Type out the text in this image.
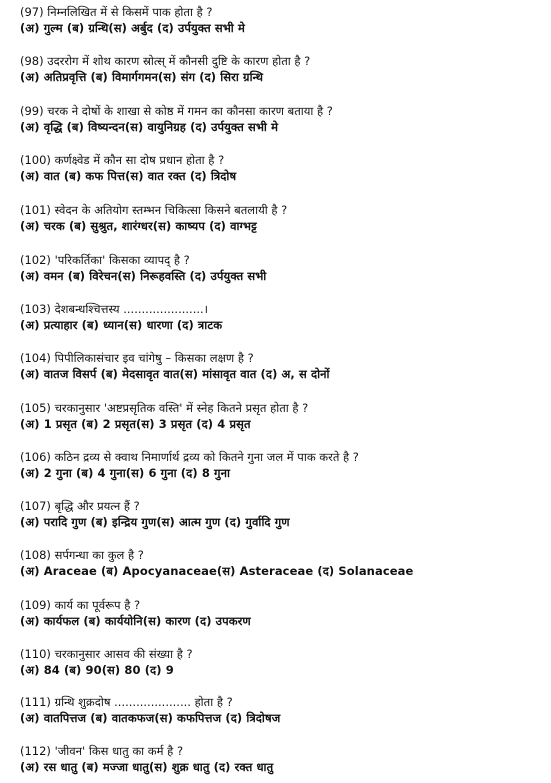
(97) निम्नलिखित में से किसमें पाक होता है ?
(अ) गुल्म (ब) ग्रन्थि(स) अर्बुद (द) उर्पयुक्त सभी मे
(98) उदररोग में शोथ कारण स्रोत्स् में कौनसी दुष्टि के कारण होता है ?
(अ) अतिप्रवृत्ति (ब) विमार्गगमन(स) संग (द) सिरा ग्रन्थि
(99) चरक ने दोषों के शाखा से कोष्ठ में गमन का कौनसा कारण बताया है ?
(अ) वृद्धि (ब) विष्यन्दन(स) वायुनिग्रह (द) उर्पयुक्त सभी मे
(100) कर्णक्ष्वेड में कौन सा दोष प्रधान होता है ?
(अ) वात (ब) कफ पित्त(स) वात रक्त (द) त्रिदोष
(101) स्वेदन के अतियोग स्तम्भन चिकित्सा किसने बतलायी है ?
(अ) चरक (ब) सुश्रुत, शारंग्धर(स) काष्यप (द) वाग्भट्ट
(102) 'परिकर्तिका' किसका व्यापद् है ?
(अ) वमन (ब) विरेचन(स) निरूहवस्ति (द) उर्पयुक्त सभी
(103) देशबन्धश्चित्तस्य ......................।
(अ) प्रत्याहार (ब) ध्यान(स) धारणा (द) त्राटक
(104) पिपीलिकासंचार इव चांगेषु – किसका लक्षण है ?
(अ) वातज विसर्प (ब) मेदसावृत वात(स) मांसावृत वात (द) अ, स दोनों
(105) चरकानुसार 'अष्टप्रसृतिक वस्ति' में स्नेह कितने प्रसृत होता है ?
(अ) 1 प्रसृत (ब) 2 प्रसृत(स) 3 प्रसृत (द) 4 प्रसृत
(106) कठिन द्रव्य से क्वाथ निमार्णार्थ द्रव्य को कितने गुना जल में पाक करते है ?
(अ) 2 गुना (ब) 4 गुना(स) 6 गुना (द) 8 गुना
(107) बृद्धि और प्रयत्न हैं ?
(अ) परादि गुण (ब) इन्द्रिय गुण(स) आत्म गुण (द) गुर्वादि गुण
(108) सर्पगन्धा का कुल है ?
(अ) Araceae (ब) Apocyanaceae(स) Asteraceae (द) Solanaceae
(109) कार्य का पूर्वरूप है ?
(अ) कार्यफल (ब) कार्ययोनि(स) कारण (द) उपकरण
(110) चरकानुसार आसव की संख्या है ?
(अ) 84 (ब) 90(स) 80 (द) 9
(111) ग्रन्थि शुक्रदोष ..................... होता है ?
(अ) वातपित्तज (ब) वातकफज(स) कफपित्तज (द) त्रिदोषज
(112) 'जीवन' किस धातु का कर्म है ?
(अ) रस धातु (ब) मज्जा धातु(स) शुक्र धातु (द) रक्त धातु
